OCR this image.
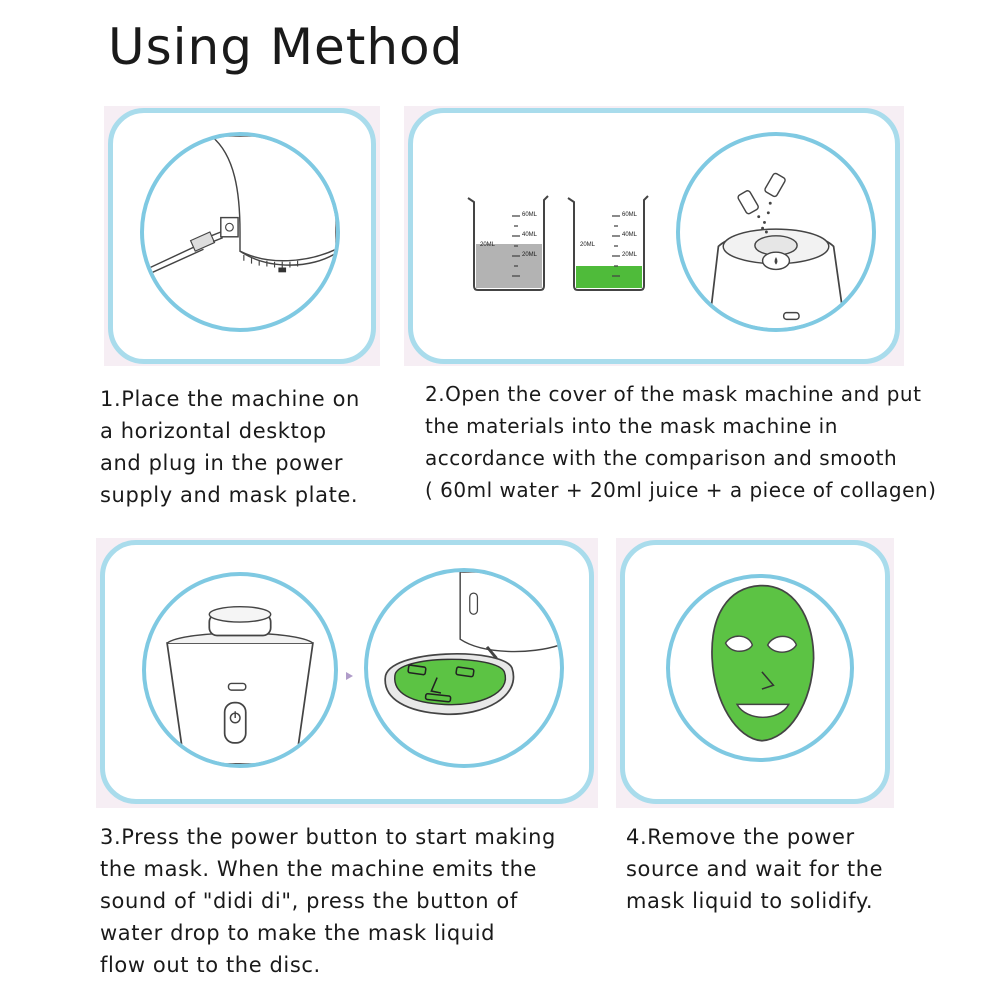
Using Method
60ML
40ML
20ML
20ML
60ML
40ML
20ML
20ML
1.Place the machine on
a horizontal desktop
and plug in the power
supply and mask plate.
2.Open the cover of the mask machine and put
the materials into the mask machine in
accordance with the comparison and smooth
( 60ml water + 20ml juice + a piece of collagen)
3.Press the power button to start making
the mask. When the machine emits the
sound of "didi di", press the button of
water drop to make the mask liquid
flow out to the disc.
4.Remove the power
source and wait for the
mask liquid to solidify.
